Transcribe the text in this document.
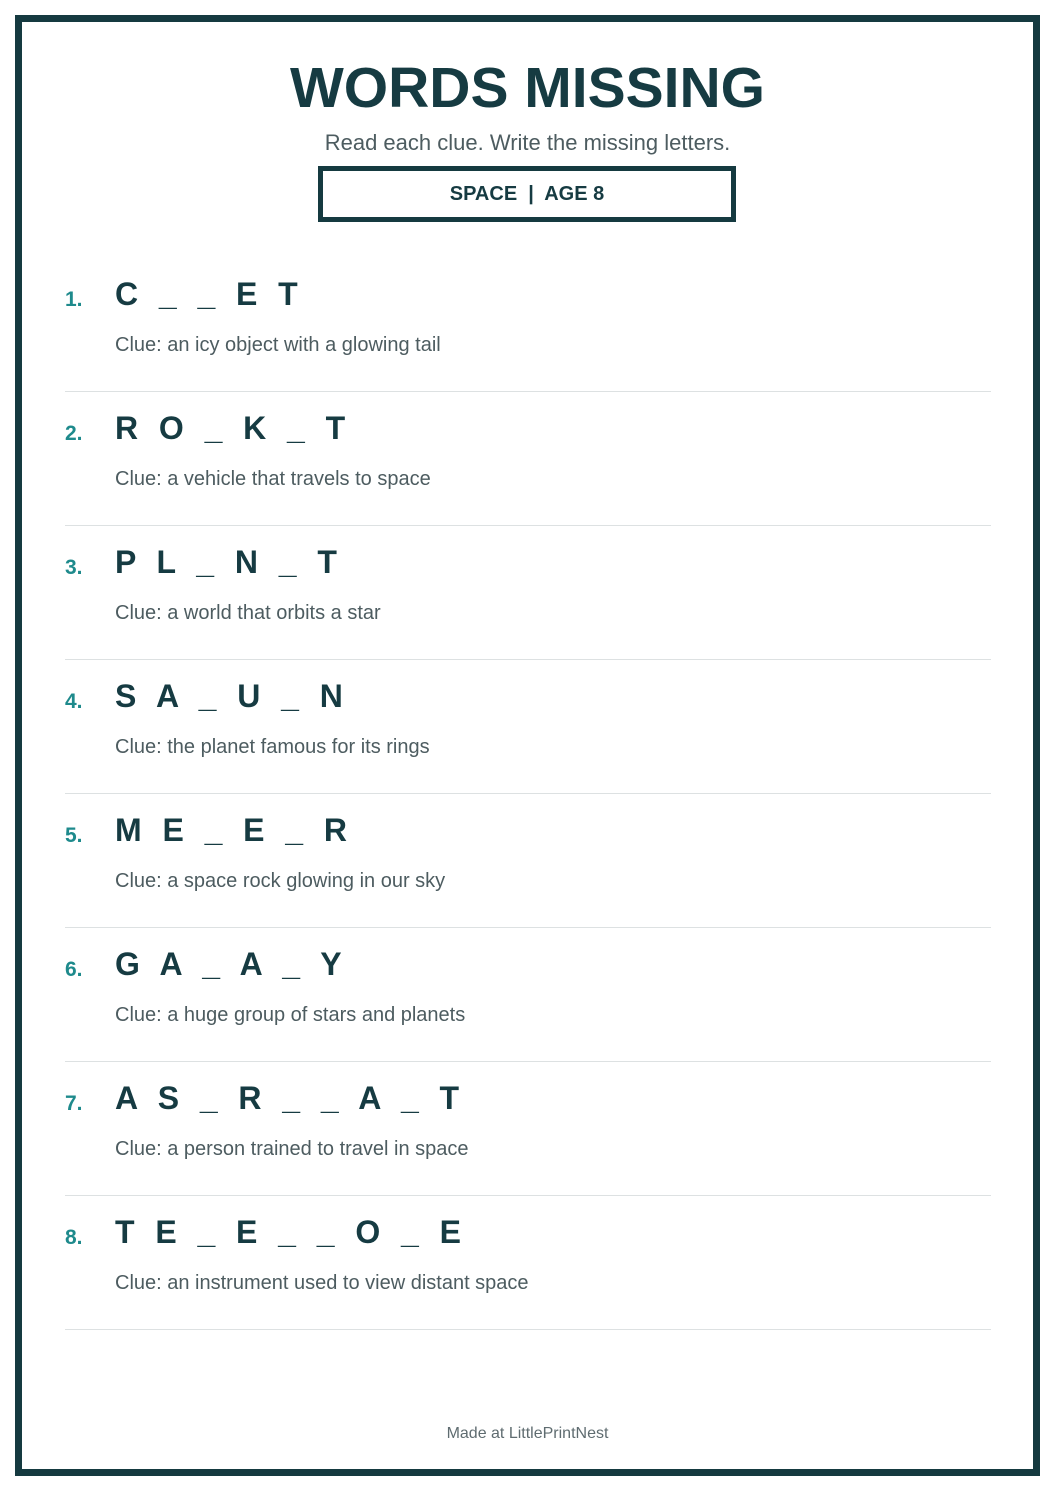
WORDS MISSING
Read each clue. Write the missing letters.
SPACE  |  AGE 8
1. C  _  _  E  T
Clue: an icy object with a glowing tail
2. R  O  _  K  _  T
Clue: a vehicle that travels to space
3. P  L  _  N  _  T
Clue: a world that orbits a star
4. S  A  _  U  _  N
Clue: the planet famous for its rings
5. M  E  _  E  _  R
Clue: a space rock glowing in our sky
6. G  A  _  A  _  Y
Clue: a huge group of stars and planets
7. A  S  _  R  _  _  A  _  T
Clue: a person trained to travel in space
8. T  E  _  E  _  _  O  _  E
Clue: an instrument used to view distant space
Made at LittlePrintNest
